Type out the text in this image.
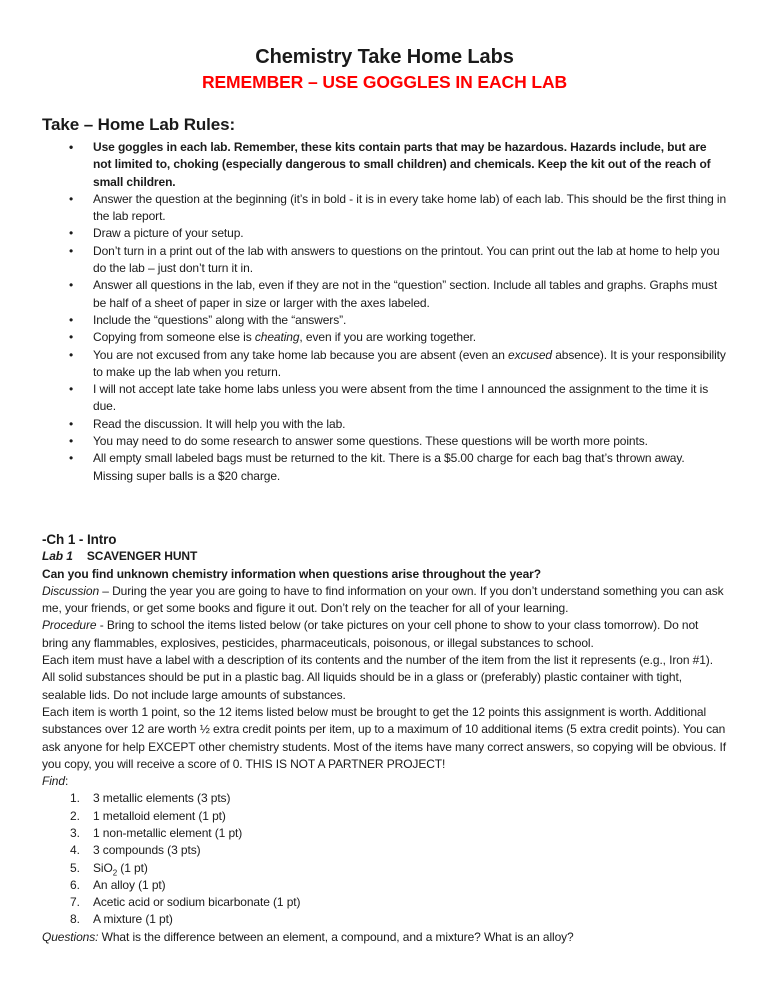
Chemistry Take Home Labs
REMEMBER – USE GOGGLES IN EACH LAB
Take – Home Lab Rules:
• Use goggles in each lab. Remember, these kits contain parts that may be hazardous. Hazards include, but are not limited to, choking (especially dangerous to small children) and chemicals. Keep the kit out of the reach of small children.
• Answer the question at the beginning (it’s in bold - it is in every take home lab) of each lab. This should be the first thing in the lab report.
• Draw a picture of your setup.
• Don’t turn in a print out of the lab with answers to questions on the printout. You can print out the lab at home to help you do the lab – just don’t turn it in.
• Answer all questions in the lab, even if they are not in the “question” section. Include all tables and graphs. Graphs must be half of a sheet of paper in size or larger with the axes labeled.
• Include the “questions” along with the “answers”.
• Copying from someone else is cheating, even if you are working together.
• You are not excused from any take home lab because you are absent (even an excused absence). It is your responsibility to make up the lab when you return.
• I will not accept late take home labs unless you were absent from the time I announced the assignment to the time it is due.
• Read the discussion. It will help you with the lab.
• You may need to do some research to answer some questions. These questions will be worth more points.
• All empty small labeled bags must be returned to the kit. There is a $5.00 charge for each bag that’s thrown away. Missing super balls is a $20 charge.

-Ch 1 - Intro

Lab 1 SCAVENGER HUNT

Can you find unknown chemistry information when questions arise throughout the year?

Discussion – During the year you are going to have to find information on your own. If you don’t understand something you can ask me, your friends, or get some books and figure it out. Don’t rely on the teacher for all of your learning.

Procedure - Bring to school the items listed below (or take pictures on your cell phone to show to your class tomorrow). Do not bring any flammables, explosives, pesticides, pharmaceuticals, poisonous, or illegal substances to school.

Each item must have a label with a description of its contents and the number of the item from the list it represents (e.g., Iron #1). All solid substances should be put in a plastic bag. All liquids should be in a glass or (preferably) plastic container with tight, sealable lids. Do not include large amounts of substances.

Each item is worth 1 point, so the 12 items listed below must be brought to get the 12 points this assignment is worth. Additional substances over 12 are worth ½ extra credit points per item, up to a maximum of 10 additional items (5 extra credit points). You can ask anyone for help EXCEPT other chemistry students. Most of the items have many correct answers, so copying will be obvious. If you copy, you will receive a score of 0. THIS IS NOT A PARTNER PROJECT!

Find:

1. 3 metallic elements (3 pts)
2. 1 metalloid element (1 pt)
3. 1 non-metallic element (1 pt)
4. 3 compounds (3 pts)
5. SiO$_2$ (1 pt)
6. An alloy (1 pt)
7. Acetic acid or sodium bicarbonate (1 pt)
8. A mixture (1 pt)

Questions: What is the difference between an element, a compound, and a mixture? What is an alloy?
